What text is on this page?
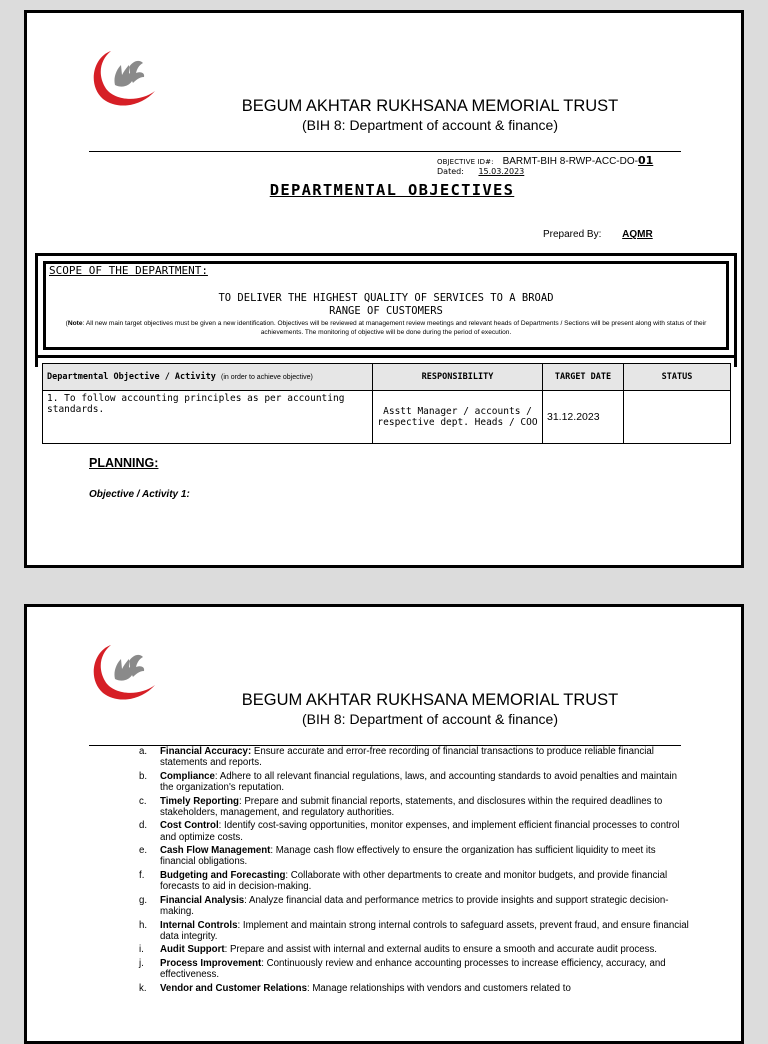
BEGUM AKHTAR RUKHSANA MEMORIAL TRUST
(BIH 8: Department of account & finance)
OBJECTIVE ID#: BARMT-BIH 8-RWP-ACC-DO-01
Dated: 15.03.2023
DEPARTMENTAL OBJECTIVES
Prepared By: AQMR
SCOPE OF THE DEPARTMENT:
TO DELIVER THE HIGHEST QUALITY OF SERVICES TO A BROAD
RANGE OF CUSTOMERS
(Note: All new main target objectives must be given a new identification. Objectives will be reviewed at management review meetings and relevant heads of Departments / Sections will be present along with status of their achievements. The monitoring of objective will be done during the period of execution.
Departmental Objective / Activity (in order to achieve objective)	RESPONSIBILITY	TARGET DATE	STATUS
1. To follow accounting principles as per accounting standards.	Asstt Manager / accounts / respective dept. Heads / COO	31.12.2023	
PLANNING:
Objective / Activity 1:
BEGUM AKHTAR RUKHSANA MEMORIAL TRUST
(BIH 8: Department of account & finance)
a. Financial Accuracy: Ensure accurate and error-free recording of financial transactions to produce reliable financial statements and reports.
b. Compliance: Adhere to all relevant financial regulations, laws, and accounting standards to avoid penalties and maintain the organization's reputation.
c. Timely Reporting: Prepare and submit financial reports, statements, and disclosures within the required deadlines to stakeholders, management, and regulatory authorities.
d. Cost Control: Identify cost-saving opportunities, monitor expenses, and implement efficient financial processes to control and optimize costs.
e. Cash Flow Management: Manage cash flow effectively to ensure the organization has sufficient liquidity to meet its financial obligations.
f. Budgeting and Forecasting: Collaborate with other departments to create and monitor budgets, and provide financial forecasts to aid in decision-making.
g. Financial Analysis: Analyze financial data and performance metrics to provide insights and support strategic decision-making.
h. Internal Controls: Implement and maintain strong internal controls to safeguard assets, prevent fraud, and ensure financial data integrity.
i. Audit Support: Prepare and assist with internal and external audits to ensure a smooth and accurate audit process.
j. Process Improvement: Continuously review and enhance accounting processes to increase efficiency, accuracy, and effectiveness.
k. Vendor and Customer Relations: Manage relationships with vendors and customers related to
